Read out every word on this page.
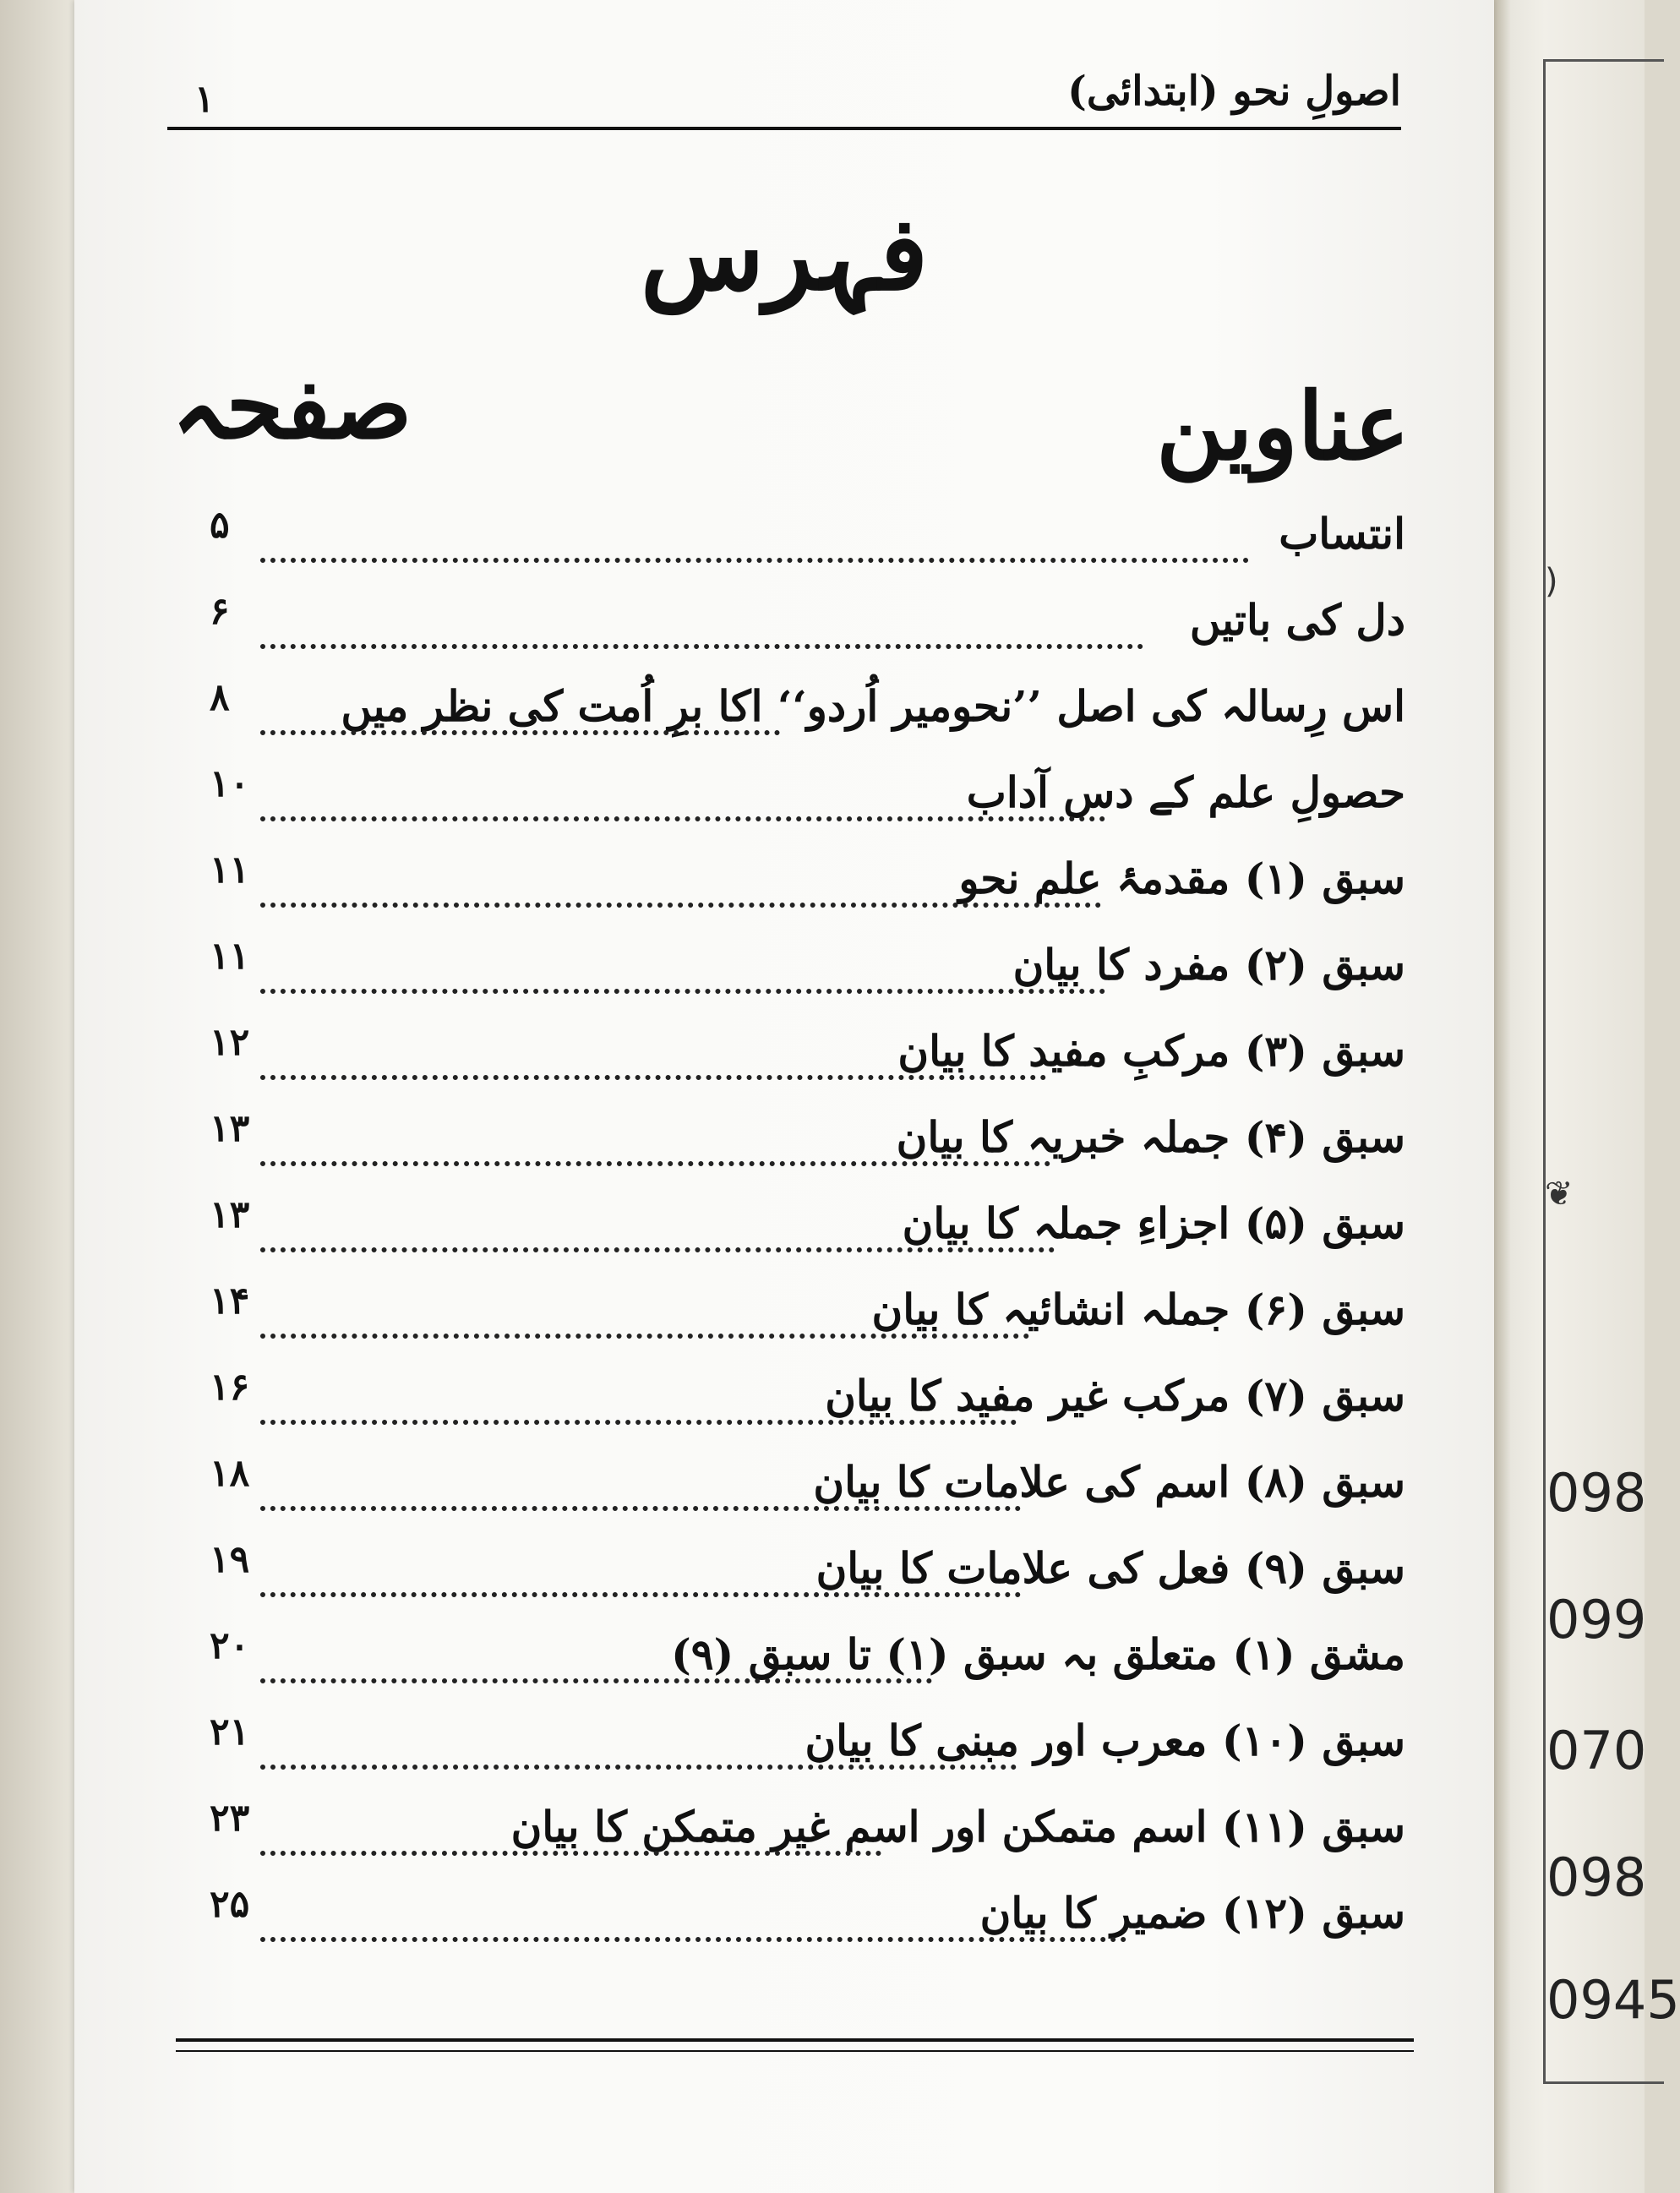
)
❦
098
099
070
098
0945
اصولِ نحو (ابتدائی)
۱
فہرس
عناوین
صفحہ
انتساب
۵
دل کی باتیں
۶
اس رِسالہ کی اصل ’’نحومیر اُردو‘‘ اکا برِ اُمت کی نظر میں
۸
حصولِ علم کے دس آداب
۱۰
سبق (۱) مقدمۂ علم نحو
۱۱
سبق (۲) مفرد کا بیان
۱۱
سبق (۳) مرکبِ مفید کا بیان
۱۲
سبق (۴) جملہ خبریہ کا بیان
۱۳
سبق (۵) اجزاءِ جملہ کا بیان
۱۳
سبق (۶) جملہ انشائیہ کا بیان
۱۴
سبق (۷) مرکب غیر مفید کا بیان
۱۶
سبق (۸) اسم کی علامات کا بیان
۱۸
سبق (۹) فعل کی علامات کا بیان
۱۹
مشق (۱) متعلق بہ سبق (۱) تا سبق (۹)
۲۰
سبق (۱۰) معرب اور مبنی کا بیان
۲۱
سبق (۱۱) اسم متمکن اور اسم غیر متمکن کا بیان
۲۳
سبق (۱۲) ضمیر کا بیان
۲۵
